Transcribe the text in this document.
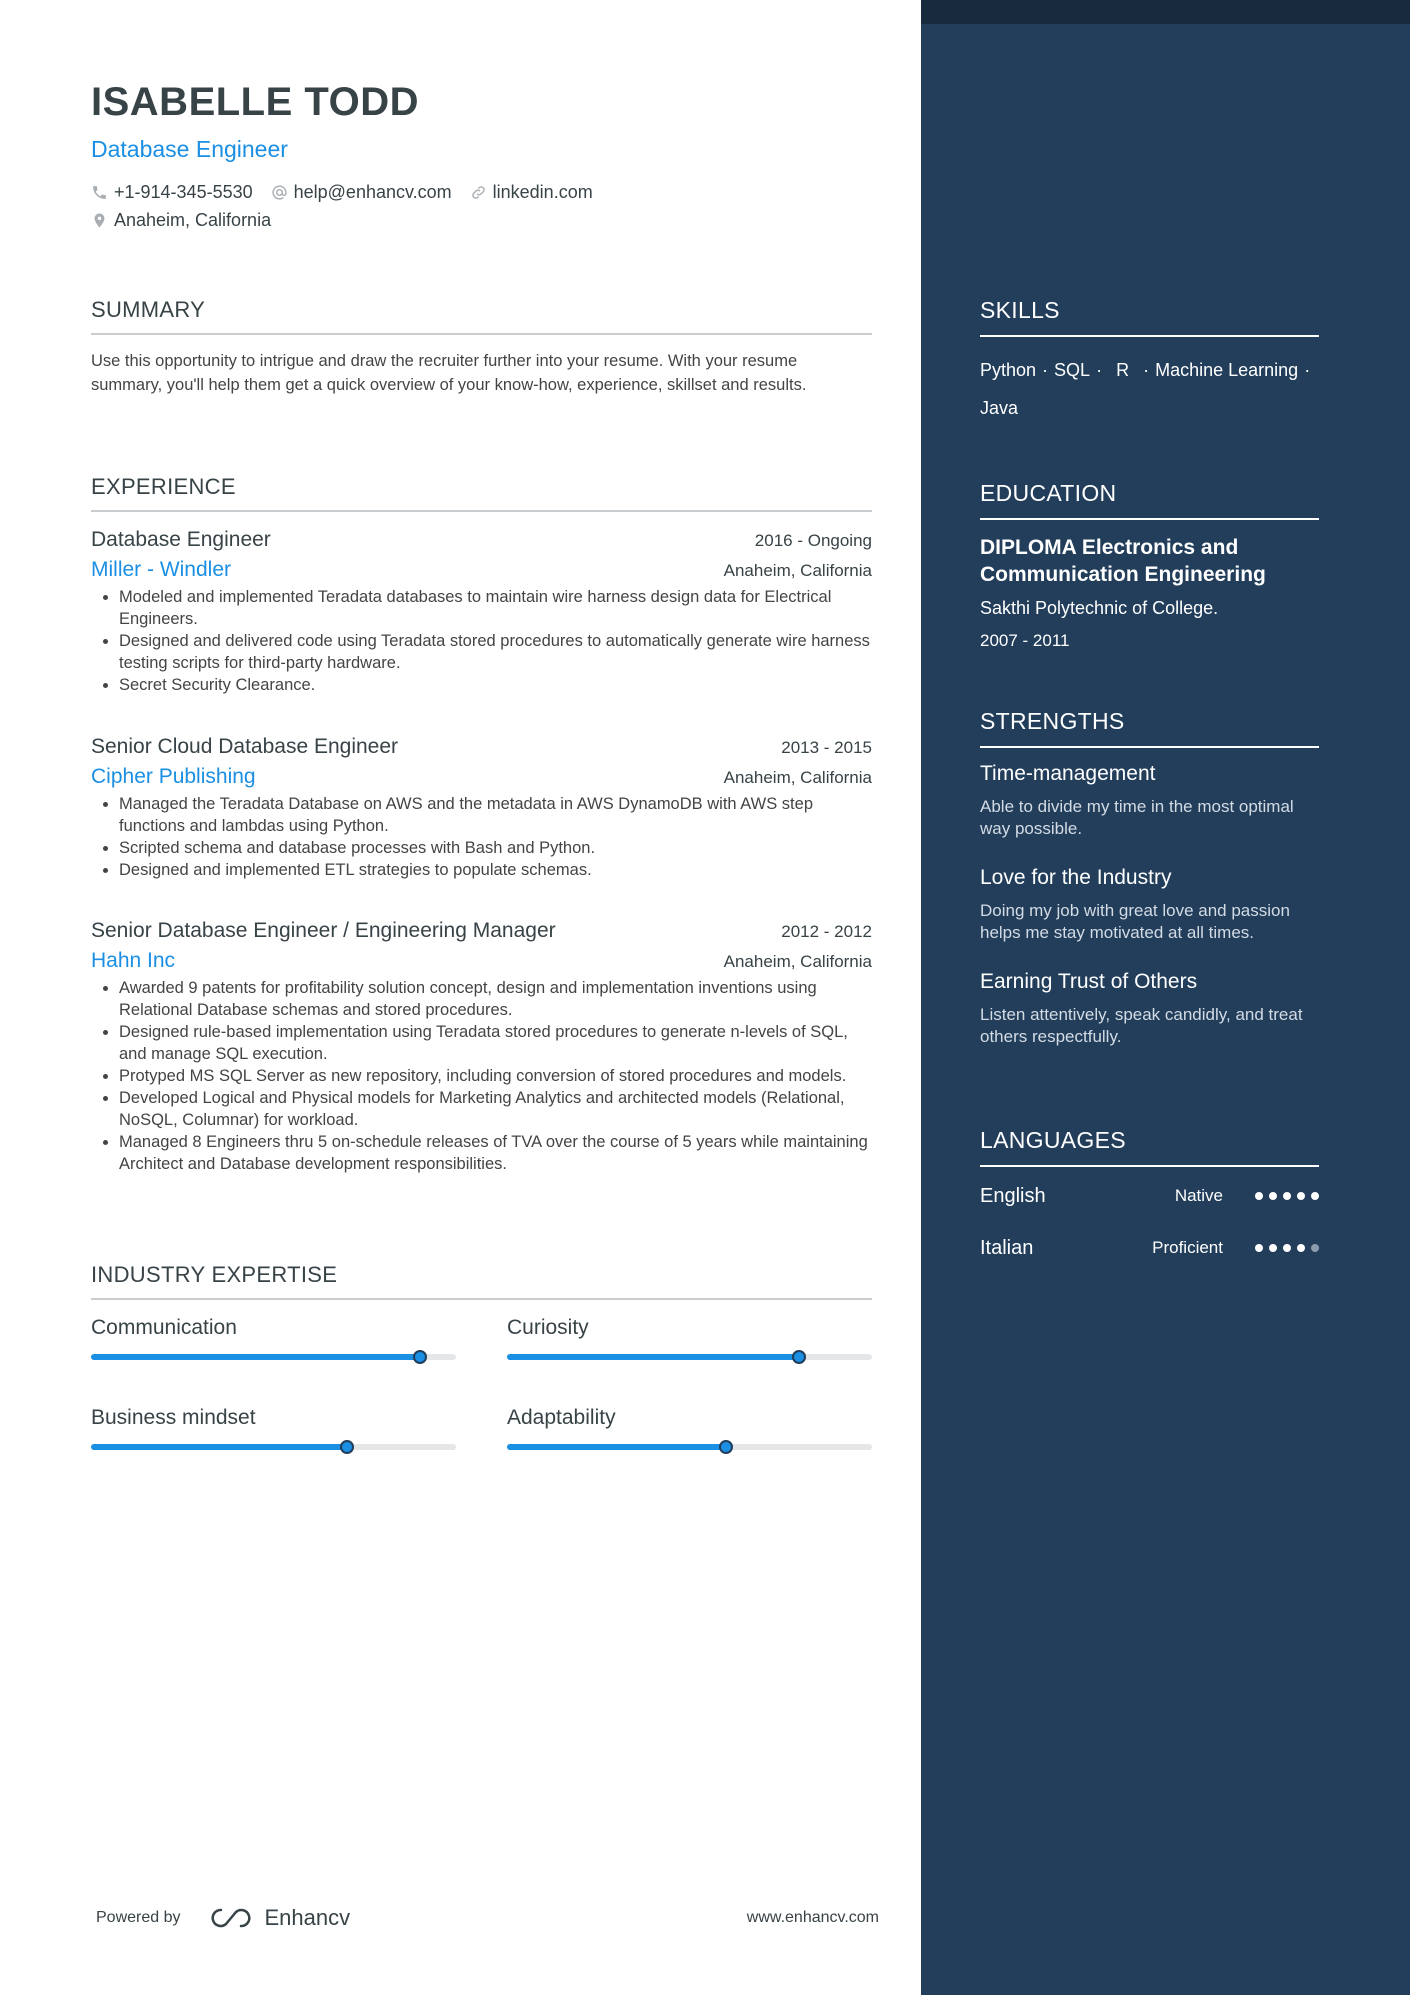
ISABELLE TODD
Database Engineer
+1-914-345-5530 help@enhancv.com linkedin.com
Anaheim, California
SUMMARY
Use this opportunity to intrigue and draw the recruiter further into your resume. With your resume summary, you'll help them get a quick overview of your know-how, experience, skillset and results.
EXPERIENCE
Database Engineer	2016 - Ongoing
Miller - Windler	Anaheim, California
• Modeled and implemented Teradata databases to maintain wire harness design data for Electrical Engineers.
• Designed and delivered code using Teradata stored procedures to automatically generate wire harness testing scripts for third-party hardware.
• Secret Security Clearance.
Senior Cloud Database Engineer	2013 - 2015
Cipher Publishing	Anaheim, California
• Managed the Teradata Database on AWS and the metadata in AWS DynamoDB with AWS step functions and lambdas using Python.
• Scripted schema and database processes with Bash and Python.
• Designed and implemented ETL strategies to populate schemas.
Senior Database Engineer / Engineering Manager	2012 - 2012
Hahn Inc	Anaheim, California
• Awarded 9 patents for profitability solution concept, design and implementation inventions using Relational Database schemas and stored procedures.
• Designed rule-based implementation using Teradata stored procedures to generate n-levels of SQL, and manage SQL execution.
• Protyped MS SQL Server as new repository, including conversion of stored procedures and models.
• Developed Logical and Physical models for Marketing Analytics and architected models (Relational, NoSQL, Columnar) for workload.
• Managed 8 Engineers thru 5 on-schedule releases of TVA over the course of 5 years while maintaining Architect and Database development responsibilities.
INDUSTRY EXPERTISE
Communication	Curiosity
Business mindset	Adaptability
Powered by	Enhancv	www.enhancv.com
SKILLS
Python · SQL · R · Machine Learning ·
Java
EDUCATION
DIPLOMA Electronics and Communication Engineering
Sakthi Polytechnic of College.
2007 - 2011
STRENGTHS
Time-management
Able to divide my time in the most optimal way possible.
Love for the Industry
Doing my job with great love and passion helps me stay motivated at all times.
Earning Trust of Others
Listen attentively, speak candidly, and treat others respectfully.
LANGUAGES
English	Native
Italian	Proficient
